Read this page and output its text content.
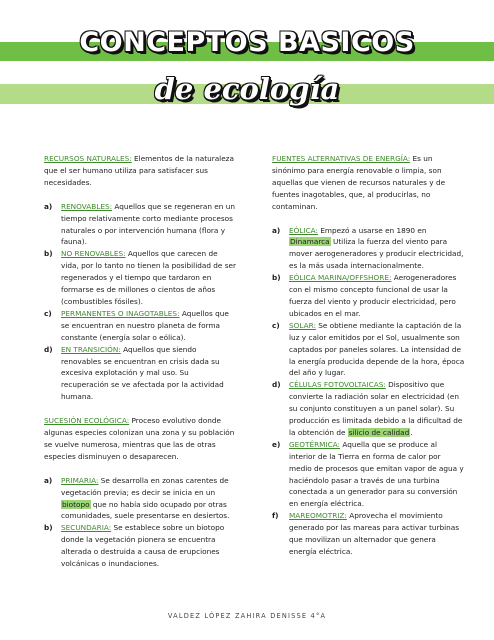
CONCEPTOS BASICOS
de ecología

RECURSOS NATURALES: Elementos de la naturaleza que el ser humano utiliza para satisfacer sus necesidades.

a) RENOVABLES: Aquellos que se regeneran en un tiempo relativamente corto mediante procesos naturales o por intervención humana (flora y fauna).
b) NO RENOVABLES: Aquellos que carecen de vida, por lo tanto no tienen la posibilidad de ser regenerados y el tiempo que tardaron en formarse es de millones o cientos de años (combustibles fósiles).
c) PERMANENTES O INAGOTABLES: Aquellos que se encuentran en nuestro planeta de forma constante (energía solar o eólica).
d) EN TRANSICIÓN: Aquellos que siendo renovables se encuentran en crisis dada su excesiva explotación y mal uso. Su recuperación se ve afectada por la actividad humana.

SUCESIÓN ECOLÓGICA: Proceso evolutivo donde algunas especies colonizan una zona y su población se vuelve numerosa, mientras que las de otras especies disminuyen o desaparecen.

a) PRIMARIA: Se desarrolla en zonas carentes de vegetación previa; es decir se inicia en un biotopo que no había sido ocupado por otras comunidades, suele presentarse en desiertos.
b) SECUNDARIA: Se establece sobre un biotopo donde la vegetación pionera se encuentra alterada o destruida a causa de erupciones volcánicas o inundaciones.

FUENTES ALTERNATIVAS DE ENERGÍA: Es un sinónimo para energía renovable o limpia, son aquellas que vienen de recursos naturales y de fuentes inagotables, que, al producirlas, no contaminan.

a) EÓLICA: Empezó a usarse en 1890 en Dinamarca Utiliza la fuerza del viento para mover aerogeneradores y producir electricidad, es la más usada internacionalmente.
b) EÓLICA MARINA/OFFSHORE: Aerogeneradores con el mismo concepto funcional de usar la fuerza del viento y producir electricidad, pero ubicados en el mar.
c) SOLAR: Se obtiene mediante la captación de la luz y calor emitidos por el Sol, usualmente son captados por paneles solares. La intensidad de la energía producida depende de la hora, época del año y lugar.
d) CÉLULAS FOTOVOLTAICAS: Dispositivo que convierte la radiación solar en electricidad (en su conjunto constituyen a un panel solar). Su producción es limitada debido a la dificultad de la obtención de silicio de calidad.
e) GEOTÉRMICA: Aquella que se produce al interior de la Tierra en forma de calor por medio de procesos que emitan vapor de agua y haciéndolo pasar a través de una turbina conectada a un generador para su conversión en energía eléctrica.
f) MAREOMOTRIZ: Aprovecha el movimiento generado por las mareas para activar turbinas que movilizan un alternador que genera energía eléctrica.
VALDEZ LÓPEZ ZAHIRA DENISSE 4°A
